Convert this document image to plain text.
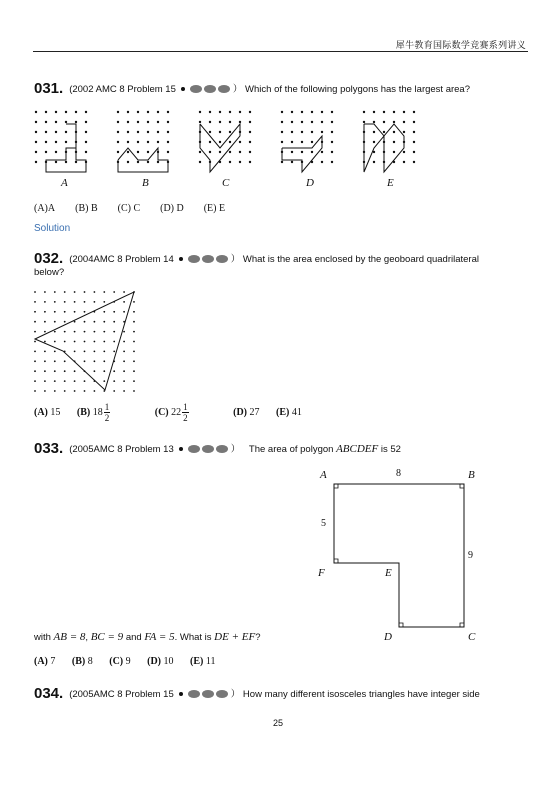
犀牛教育国际数学竞赛系列讲义
031. (2002 AMC 8 Problem 15	） Which of the following polygons has the largest area?
A	B	C	D	E
(A)A (B) B (C) C (D) D (E) E
Solution
032. (2004AMC 8 Problem 14	） What is the area enclosed by the geoboard quadrilateral
below?
(A) 15 (B) $18 \frac{1}{2}$	(C) $22 \frac{1}{2}$	(D) 27 (E) 41
033. (2005AMC 8 Problem 13	） The area of polygon ABCDEF is 52
A	B
C
D
E
F
8
5
9
with AB = 8, BC = 9 and FA = 5. What is DE + EF?
(A) 7 (B) 8 (C) 9 (D) 10 (E) 11
034. (2005AMC 8 Problem 15	） How many different isosceles triangles have integer side
25
